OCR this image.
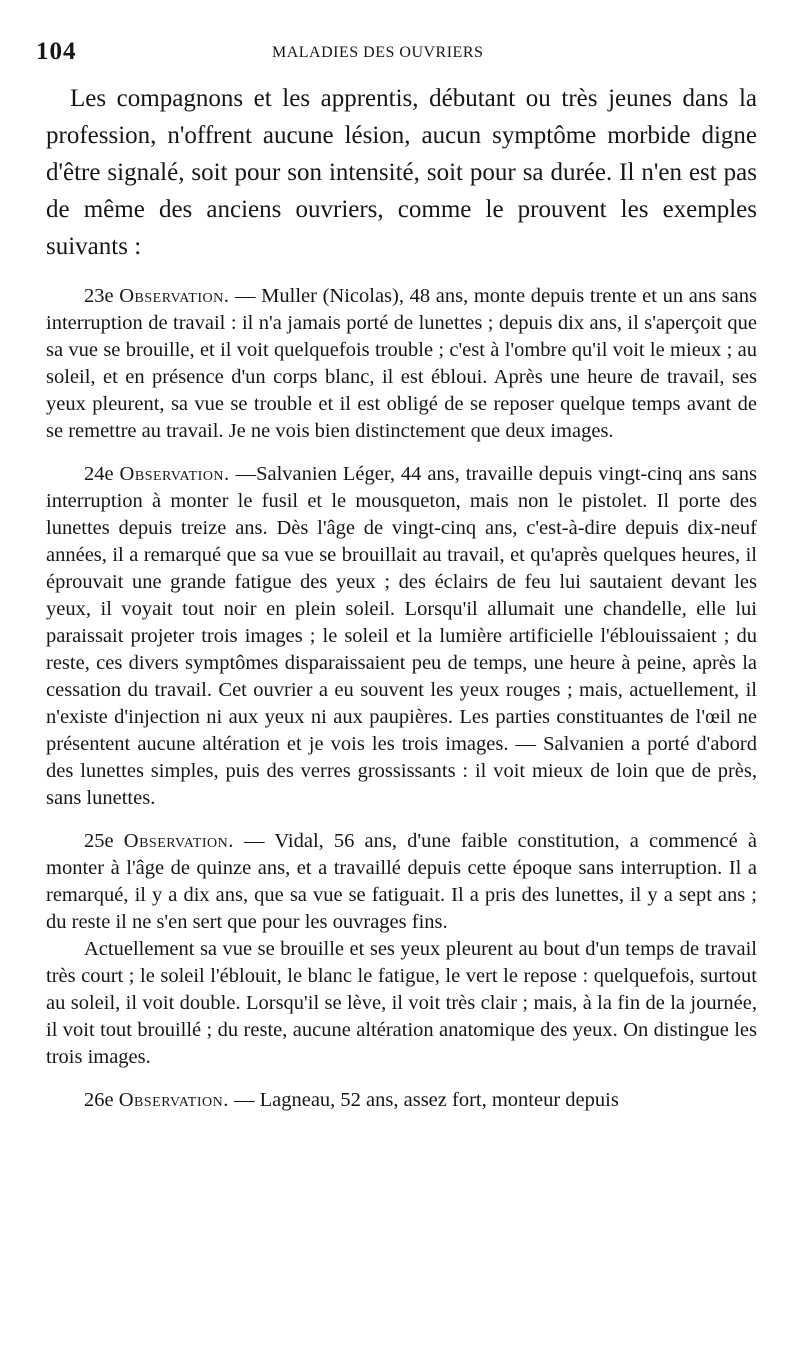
104	MALADIES DES OUVRIERS

Les compagnons et les apprentis, débutant ou très jeunes dans la profession, n'offrent aucune lésion, aucun symptôme morbide digne d'être signalé, soit pour son intensité, soit pour sa durée. Il n'en est pas de même des anciens ouvriers, comme le prouvent les exemples suivants :

23e Observation. — Muller (Nicolas), 48 ans, monte depuis trente et un ans sans interruption de travail : il n'a jamais porté de lunettes ; depuis dix ans, il s'aperçoit que sa vue se brouille, et il voit quelquefois trouble ; c'est à l'ombre qu'il voit le mieux ; au soleil, et en présence d'un corps blanc, il est ébloui. Après une heure de travail, ses yeux pleurent, sa vue se trouble et il est obligé de se reposer quelque temps avant de se remettre au travail. Je ne vois bien distinctement que deux images.

24e Observation. —Salvanien Léger, 44 ans, travaille depuis vingt-cinq ans sans interruption à monter le fusil et le mousqueton, mais non le pistolet. Il porte des lunettes depuis treize ans. Dès l'âge de vingt-cinq ans, c'est-à-dire depuis dix-neuf années, il a remarqué que sa vue se brouillait au travail, et qu'après quelques heures, il éprouvait une grande fatigue des yeux ; des éclairs de feu lui sautaient devant les yeux, il voyait tout noir en plein soleil. Lorsqu'il allumait une chandelle, elle lui paraissait projeter trois images ; le soleil et la lumière artificielle l'éblouissaient ; du reste, ces divers symptômes disparaissaient peu de temps, une heure à peine, après la cessation du travail. Cet ouvrier a eu souvent les yeux rouges ; mais, actuellement, il n'existe d'injection ni aux yeux ni aux paupières. Les parties constituantes de l'œil ne présentent aucune altération et je vois les trois images. — Salvanien a porté d'abord des lunettes simples, puis des verres grossissants : il voit mieux de loin que de près, sans lunettes.

25e Observation. — Vidal, 56 ans, d'une faible constitution, a commencé à monter à l'âge de quinze ans, et a travaillé depuis cette époque sans interruption. Il a remarqué, il y a dix ans, que sa vue se fatiguait. Il a pris des lunettes, il y a sept ans ; du reste il ne s'en sert que pour les ouvrages fins.

Actuellement sa vue se brouille et ses yeux pleurent au bout d'un temps de travail très court ; le soleil l'éblouit, le blanc le fatigue, le vert le repose : quelquefois, surtout au soleil, il voit double. Lorsqu'il se lève, il voit très clair ; mais, à la fin de la journée, il voit tout brouillé ; du reste, aucune altération anatomique des yeux. On distingue les trois images.

26e Observation. — Lagneau, 52 ans, assez fort, monteur depuis
